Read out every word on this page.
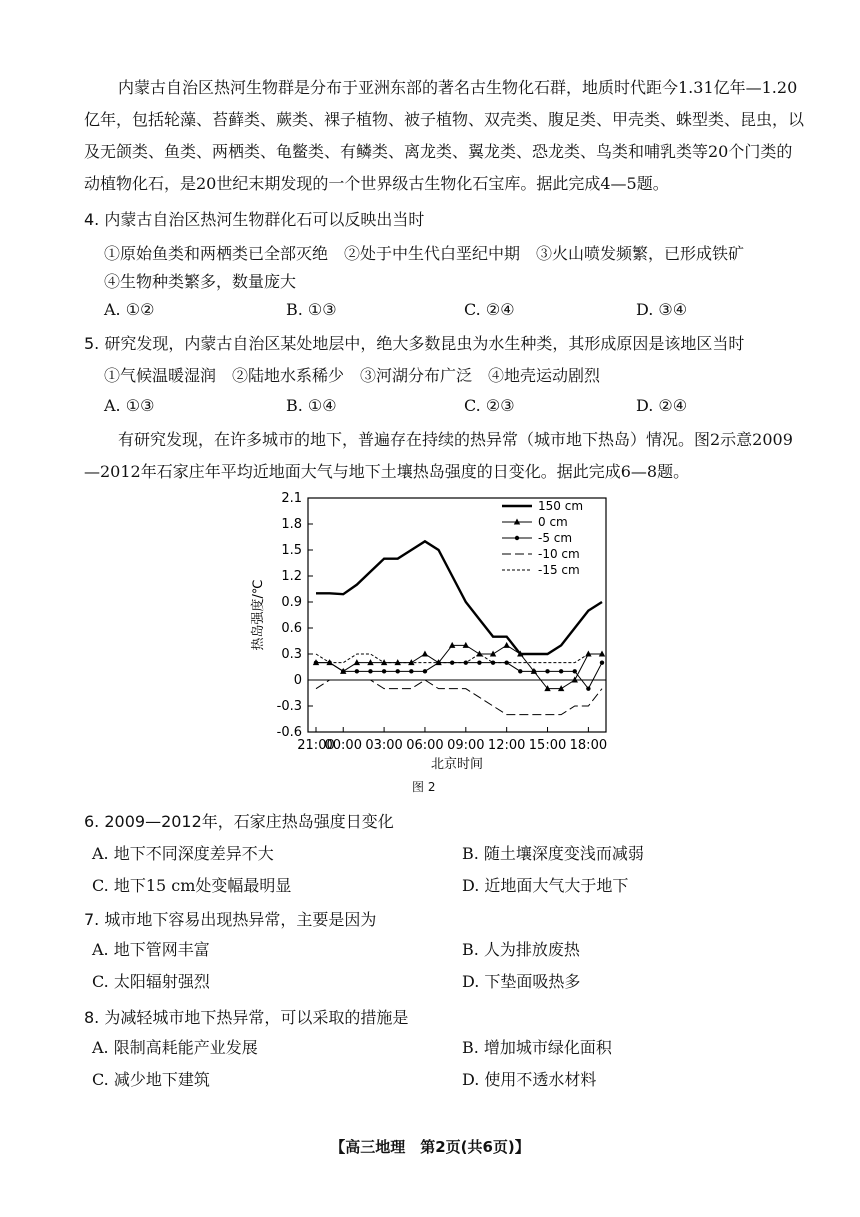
内蒙古自治区热河生物群是分布于亚洲东部的著名古生物化石群，地质时代距今1.31亿年—1.20亿年，包括轮藻、苔藓类、蕨类、裸子植物、被子植物、双壳类、腹足类、甲壳类、蛛型类、昆虫，以及无颌类、鱼类、两栖类、龟鳖类、有鳞类、离龙类、翼龙类、恐龙类、鸟类和哺乳类等20个门类的动植物化石，是20世纪末期发现的一个世界级古生物化石宝库。据此完成4—5题。

4. 内蒙古自治区热河生物群化石可以反映出当时
①原始鱼类和两栖类已全部灭绝　②处于中生代白垩纪中期　③火山喷发频繁，已形成铁矿
④生物种类繁多，数量庞大
A. ①②	B. ①③	C. ②④	D. ③④
5. 研究发现，内蒙古自治区某处地层中，绝大多数昆虫为水生种类，其形成原因是该地区当时
①气候温暖湿润　②陆地水系稀少　③河湖分布广泛　④地壳运动剧烈
A. ①③	B. ①④	C. ②③	D. ②④

有研究发现，在许多城市的地下，普遍存在持续的热异常（城市地下热岛）情况。图2示意2009—2012年石家庄年平均近地面大气与地下土壤热岛强度的日变化。据此完成6—8题。

-0.6
-0.3
0
0.3
0.6
0.9
1.2
1.5
1.8
2.1
21:00
00:00 03:00 06:00 09:00 12:00 15:00 18:00
北京时间
热岛强度/℃
150 cm
0 cm
-5 cm
-10 cm
-15 cm
图 2
6. 2009—2012年，石家庄热岛强度日变化
A. 地下不同深度差异不大	B. 随土壤深度变浅而减弱
C. 地下15 cm处变幅最明显	D. 近地面大气大于地下
7. 城市地下容易出现热异常，主要是因为
A. 地下管网丰富	B. 人为排放废热
C. 太阳辐射强烈	D. 下垫面吸热多
8. 为减轻城市地下热异常，可以采取的措施是
A. 限制高耗能产业发展	B. 增加城市绿化面积
C. 减少地下建筑	D. 使用不透水材料
【高三地理　第2页(共6页)】
